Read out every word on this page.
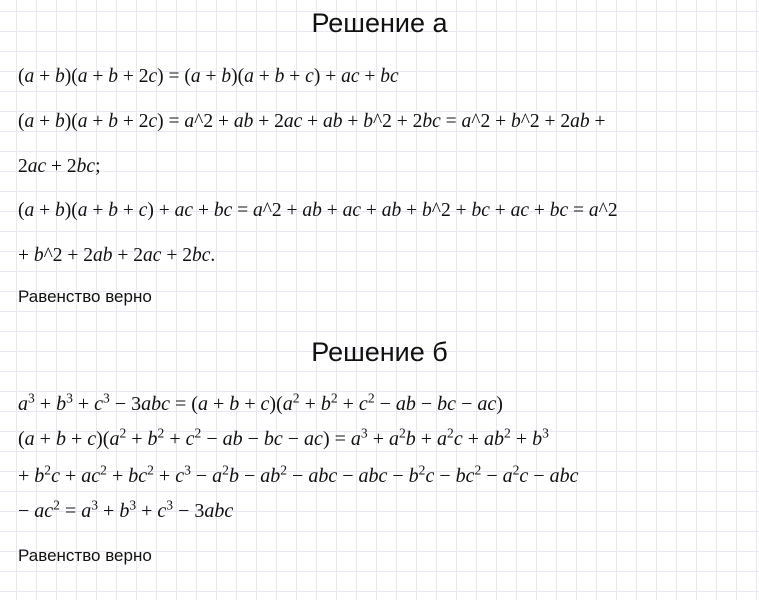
Решение а
(a + b)(a + b + 2c) = (a + b)(a + b + c) + ac + bc
(a + b)(a + b + 2c) = a^2 + ab + 2ac + ab + b^2 + 2bc = a^2 + b^2 + 2ab +
2ac + 2bc;
(a + b)(a + b + c) + ac + bc = a^2 + ab + ac + ab + b^2 + bc + ac + bc = a^2
+ b^2 + 2ab + 2ac + 2bc.
Равенство верно
Решение б
$a^3 + b^3 + c^3 - 3abc = (a + b + c)(a^2 + b^2 + c^2$ − ab − bc − ac)
$(a + b + c)(a^2 + b^2 + c^2$ − ab − bc − $ac) = a^3 + a^2b + a^2c + ab^2 + b^3$
+ $b^2c + ac^2 + bc^2 + c^3 - a^2b - ab^2$ − abc − abc − $b^2c - bc^2 - a^2c$ − abc
− $ac^2 = a^3 + b^3 + c^3 - 3abc$
Равенство верно
